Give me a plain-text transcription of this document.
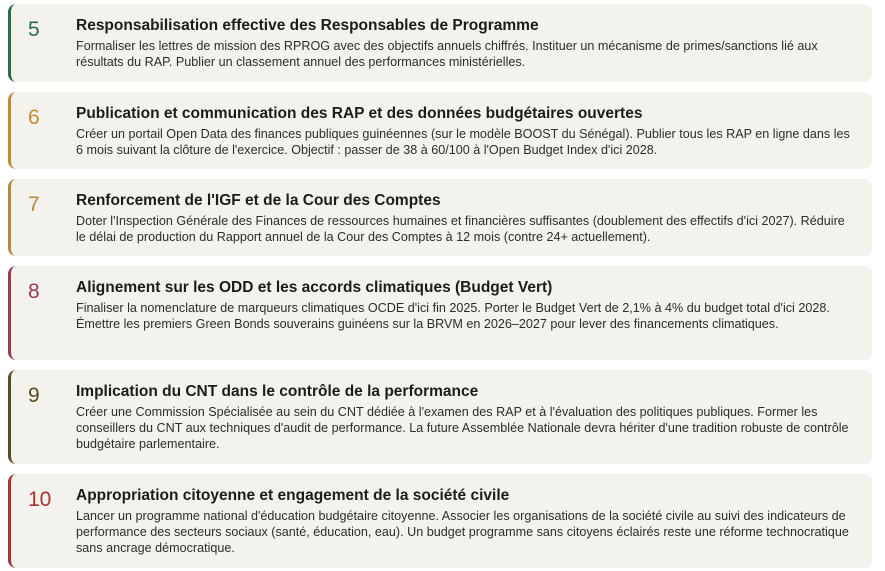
5 Responsabilisation effective des Responsables de Programme

Formaliser les lettres de mission des RPROG avec des objectifs annuels chiffrés. Instituer un mécanisme de primes/sanctions lié aux résultats du RAP. Publier un classement annuel des performances ministérielles.

6 Publication et communication des RAP et des données budgétaires ouvertes

Créer un portail Open Data des finances publiques guinéennes (sur le modèle BOOST du Sénégal). Publier tous les RAP en ligne dans les 6 mois suivant la clôture de l'exercice. Objectif : passer de 38 à 60/100 à l'Open Budget Index d'ici 2028.

7 Renforcement de l'IGF et de la Cour des Comptes

Doter l'Inspection Générale des Finances de ressources humaines et financières suffisantes (doublement des effectifs d'ici 2027). Réduire le délai de production du Rapport annuel de la Cour des Comptes à 12 mois (contre 24+ actuellement).

8 Alignement sur les ODD et les accords climatiques (Budget Vert)

Finaliser la nomenclature de marqueurs climatiques OCDE d'ici fin 2025. Porter le Budget Vert de 2,1% à 4% du budget total d'ici 2028. Émettre les premiers Green Bonds souverains guinéens sur la BRVM en 2026–2027 pour lever des financements climatiques.

9 Implication du CNT dans le contrôle de la performance

Créer une Commission Spécialisée au sein du CNT dédiée à l'examen des RAP et à l'évaluation des politiques publiques. Former les conseillers du CNT aux techniques d'audit de performance. La future Assemblée Nationale devra hériter d'une tradition robuste de contrôle budgétaire parlementaire.

10 Appropriation citoyenne et engagement de la société civile

Lancer un programme national d'éducation budgétaire citoyenne. Associer les organisations de la société civile au suivi des indicateurs de performance des secteurs sociaux (santé, éducation, eau). Un budget programme sans citoyens éclairés reste une réforme technocratique sans ancrage démocratique.
